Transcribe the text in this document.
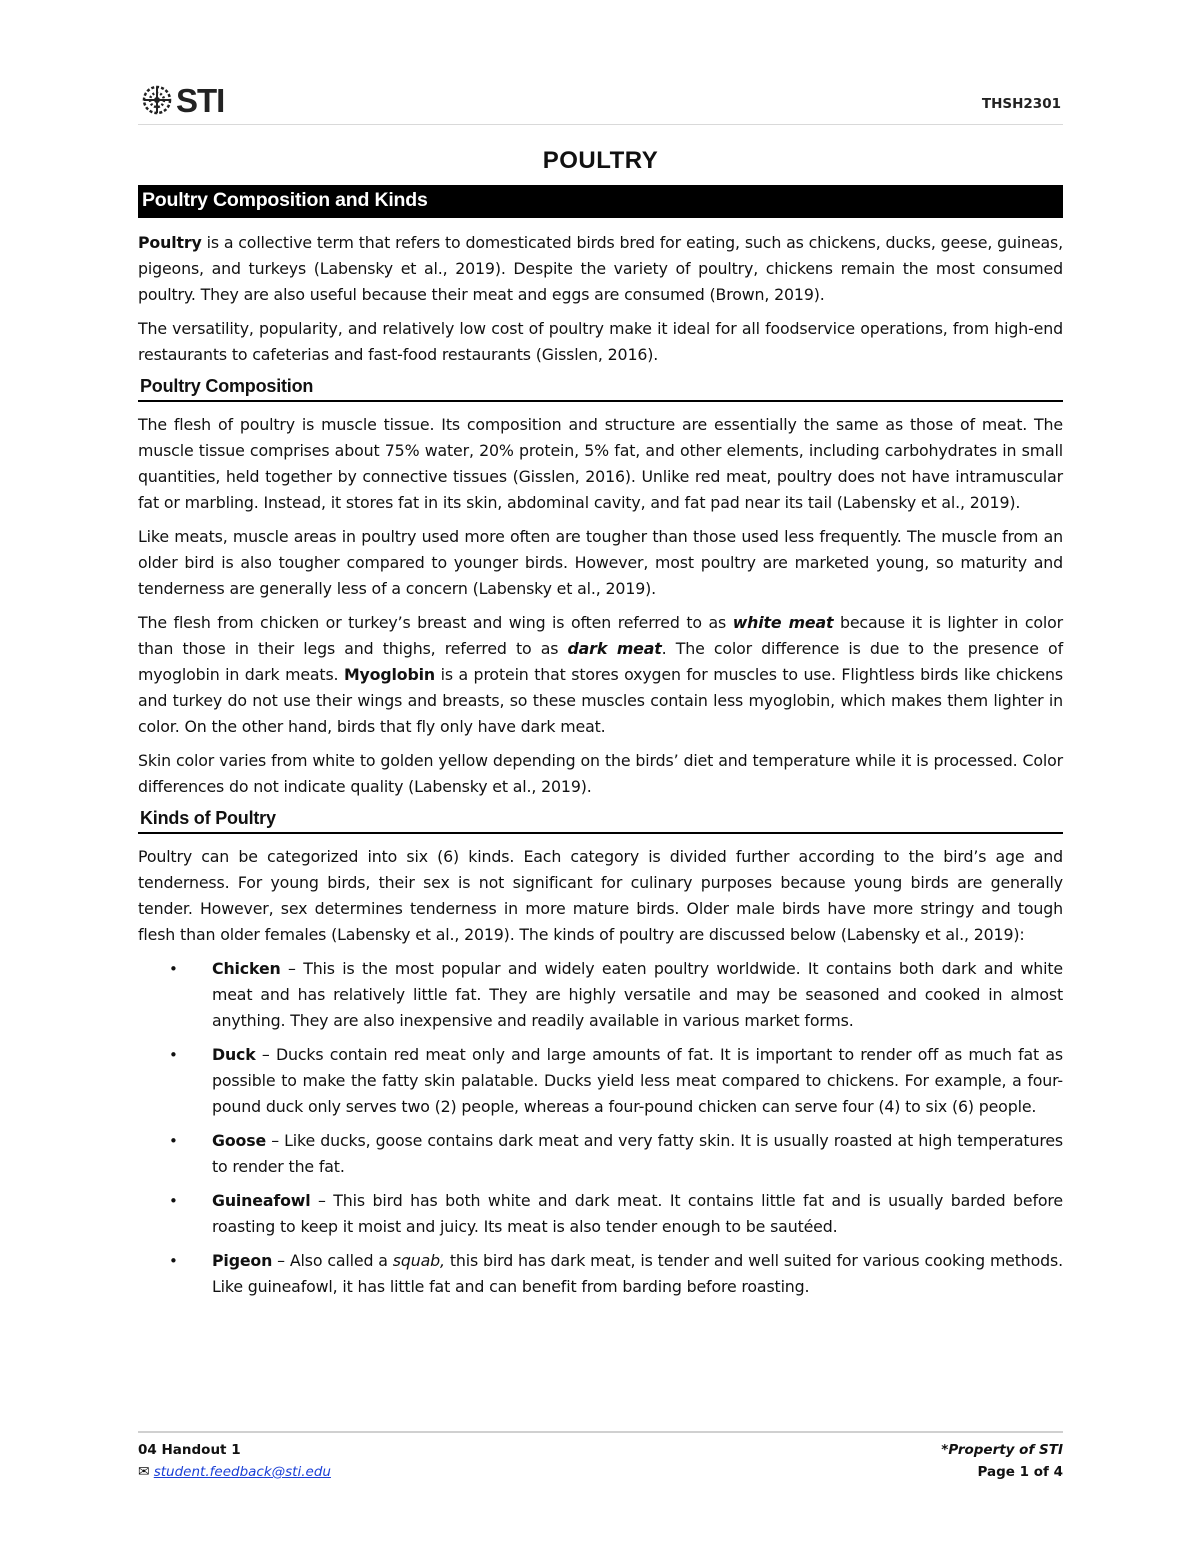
STI	THSH2301
POULTRY
Poultry Composition and Kinds

Poultry is a collective term that refers to domesticated birds bred for eating, such as chickens, ducks, geese, guineas, pigeons, and turkeys (Labensky et al., 2019). Despite the variety of poultry, chickens remain the most consumed poultry. They are also useful because their meat and eggs are consumed (Brown, 2019).

The versatility, popularity, and relatively low cost of poultry make it ideal for all foodservice operations, from high-end restaurants to cafeterias and fast-food restaurants (Gisslen, 2016).

Poultry Composition

The flesh of poultry is muscle tissue. Its composition and structure are essentially the same as those of meat. The muscle tissue comprises about 75% water, 20% protein, 5% fat, and other elements, including carbohydrates in small quantities, held together by connective tissues (Gisslen, 2016). Unlike red meat, poultry does not have intramuscular fat or marbling. Instead, it stores fat in its skin, abdominal cavity, and fat pad near its tail (Labensky et al., 2019).

Like meats, muscle areas in poultry used more often are tougher than those used less frequently. The muscle from an older bird is also tougher compared to younger birds. However, most poultry are marketed young, so maturity and tenderness are generally less of a concern (Labensky et al., 2019).

The flesh from chicken or turkey’s breast and wing is often referred to as white meat because it is lighter in color than those in their legs and thighs, referred to as dark meat. The color difference is due to the presence of myoglobin in dark meats. Myoglobin is a protein that stores oxygen for muscles to use. Flightless birds like chickens and turkey do not use their wings and breasts, so these muscles contain less myoglobin, which makes them lighter in color. On the other hand, birds that fly only have dark meat.

Skin color varies from white to golden yellow depending on the birds’ diet and temperature while it is processed. Color differences do not indicate quality (Labensky et al., 2019).

Kinds of Poultry

Poultry can be categorized into six (6) kinds. Each category is divided further according to the bird’s age and tenderness. For young birds, their sex is not significant for culinary purposes because young birds are generally tender. However, sex determines tenderness in more mature birds. Older male birds have more stringy and tough flesh than older females (Labensky et al., 2019). The kinds of poultry are discussed below (Labensky et al., 2019):

• Chicken – This is the most popular and widely eaten poultry worldwide. It contains both dark and white meat and has relatively little fat. They are highly versatile and may be seasoned and cooked in almost anything. They are also inexpensive and readily available in various market forms.
• Duck – Ducks contain red meat only and large amounts of fat. It is important to render off as much fat as possible to make the fatty skin palatable. Ducks yield less meat compared to chickens. For example, a four-pound duck only serves two (2) people, whereas a four-pound chicken can serve four (4) to six (6) people.
• Goose – Like ducks, goose contains dark meat and very fatty skin. It is usually roasted at high temperatures to render the fat.
• Guineafowl – This bird has both white and dark meat. It contains little fat and is usually barded before roasting to keep it moist and juicy. Its meat is also tender enough to be sautéed.
• Pigeon – Also called a squab, this bird has dark meat, is tender and well suited for various cooking methods. Like guineafowl, it has little fat and can benefit from barding before roasting.
04 Handout 1	*Property of STI
✉ student.feedback@sti.edu	Page 1 of 4
